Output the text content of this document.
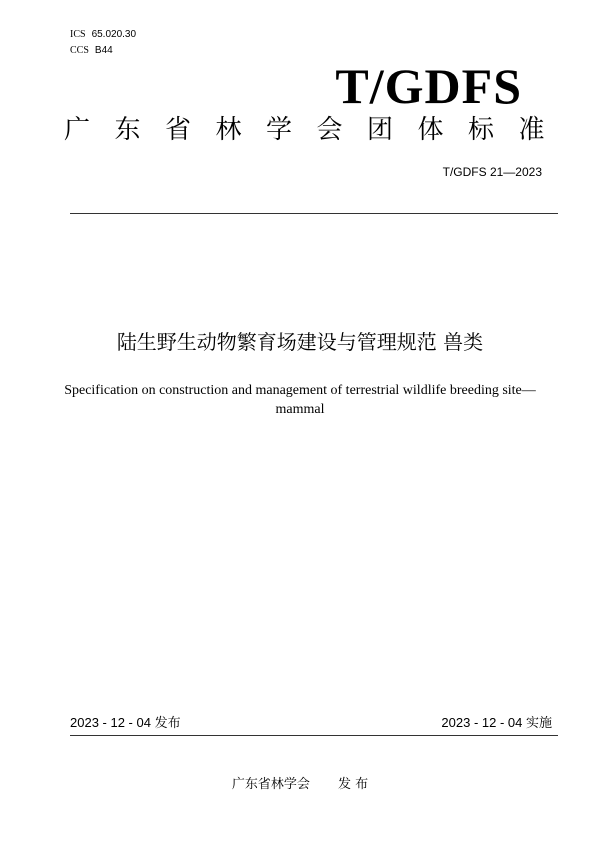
ICS 65.020.30
CCS B44
T/GDFS
广东省林学会团体标准
T/GDFS 21—2023
陆生野生动物繁育场建设与管理规范 兽类
Specification on construction and management of terrestrial wildlife breeding site—mammal
2023 - 12 - 04 发布	2023 - 12 - 04 实施
广东省林学会 发 布
